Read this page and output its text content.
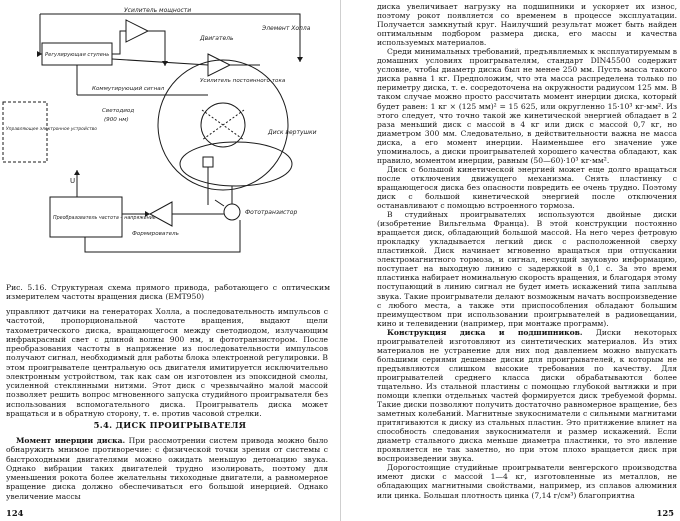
Усилитель мощности
Регулирующая ступень
Двигатель
Элемент Холла
Усилитель постоянного тока
Коммутирующий сигнал
Светодиод
(900 нм)
Управляющее электронное устройство	Диск вертушки
Преобразователь частота – напряжение
U
Формирователь
Фототранзистор
Рис. 5.16. Структурная схема прямого привода, работающего с оптическим измерителем частоты вращения диска (EMT950)

управляют датчики на генераторах Холла, а последовательность импульсов с частотой, пропорциональной частоте вращения, выдают щели тахометрического диска, вращающегося между светодиодом, излучающим инфракрасный свет с длиной волны 900 нм, и фототранзистором. После преобразования частоты в напряжение из последовательности импульсов получают сигнал, необходимый для работы блока электронной регулировки. В этом проигрывателе центральную ось двигателя имитируется исключительно электронным устройством, так как сам он изготовлен из эпоксидной смолы, усиленной стеклянными нитями. Этот диск с чрезвычайно малой массой позволяет решить вопрос мгновенного запуска студийного проигрывателя без использования вспомогательного диска. Проигрыватель диска может вращаться и в обратную сторону, т. е. против часовой стрелки.

5.4. ДИСК ПРОИГРЫВАТЕЛЯ

Момент инерции диска. При рассмотрении систем привода можно было обнаружить мнимое противоречие: с физической точки зрения от системы с быстроходными двигателями можно ожидать меньшую детонацию звука. Однако вибрации таких двигателей трудно изолировать, поэтому для уменьшения рокота более желательны тихоходные двигатели, а равномерное вращение диска должно обеспечиваться его большой инерцией. Однако увеличение массы

124

диска увеличивает нагрузку на подшипники и ускоряет их износ, поэтому рокот появляется со временем в процессе эксплуатации. Получается замкнутый круг. Наилучший результат может быть найден оптимальным подбором размера диска, его массы и качества используемых материалов.

Среди минимальных требований, предъявляемых к эксплуатируемым в домашних условиях проигрывателям, стандарт DIN45500 содержит условие, чтобы диаметр диска был не менее 250 мм. Пусть масса такого диска равна 1 кг. Предположим, что эта масса распределена только по периметру диска, т. е. сосредоточена на окружности радиусом 125 мм. В таком случае можно просто рассчитать момент инерции диска, который будет равен: 1 кг × (125 мм)² = 15 625, или округленно 15·10³ кг·мм². Из этого следует, что точно такой же кинетической энергией обладает в 2 раза меньший диск с массой в 4 кг или диск с массой 0,7 кг, но диаметром 300 мм. Следовательно, в действительности важна не масса диска, а его момент инерции. Наименьшее его значение уже упоминалось, а диски проигрывателей хорошего качества обладают, как правило, моментом инерции, равным (50—60)·10³ кг·мм².

Диск с большой кинетической энергией может еще долго вращаться после отключения движущего механизма. Снять пластинку с вращающегося диска без опасности повредить ее очень трудно. Поэтому диск с большой кинетической энергией после отключения останавливают с помощью встроенного тормоза.

В студийных проигрывателях используются двойные диски (изобретение Вильгельма Франца). В этой конструкции постоянно вращается диск, обладающий большой массой. На него через фетровую прокладку укладывается легкий диск с расположенной сверху пластинкой. Диск начинает мгновенно вращаться при отпускании электромагнитного тормоза, и сигнал, несущий звуковую информацию, поступает на выходную линию с задержкой в 0,1 с. За это время пластинка набирает номинальную скорость вращения, и благодаря этому поступающий в линию сигнал не будет иметь искажений типа заплыва звука. Такие проигрыватели делают возможным начать воспроизведение с любого места, а также эти приспособления обладают большим преимуществом при использовании проигрывателей в радиовещании, кино и телевидении (например, при монтаже программ).

Конструкция диска и подшипников. Диски некоторых проигрывателей изготовляют из синтетических материалов. Из этих материалов не устранение для них под давлением можно выпускать большими сериями дешевые диски для проигрывателей, к которым не предъявляются слишком высокие требования по качеству. Для проигрывателей среднего класса диски обрабатываются более тщательно. Из стальной пластины с помощью глубокой вытяжки и при помощи клепки отдельных частей формируется диск требуемой формы. Такие диски позволяют получить достаточно равномерное вращение, без заметных колебаний. Магнитные звукосниматели с сильными магнитами притягиваются к диску из стальных пластин. Это притяжение влияет на способность следования звукоснимателя и размер искажений. Если диаметр стального диска меньше диаметра пластинки, то это явление проявляется не так заметно, но при этом плохо вращается диск при воспроизведении звука.

Дорогостоящие студийные проигрыватели венгерского производства имеют диски с массой 1—4 кг, изготовленные из металлов, не обладающих магнитными свойствами, например, из сплавов алюминия или цинка. Большая плотность цинка (7,14 г/см³) благоприятна

125
